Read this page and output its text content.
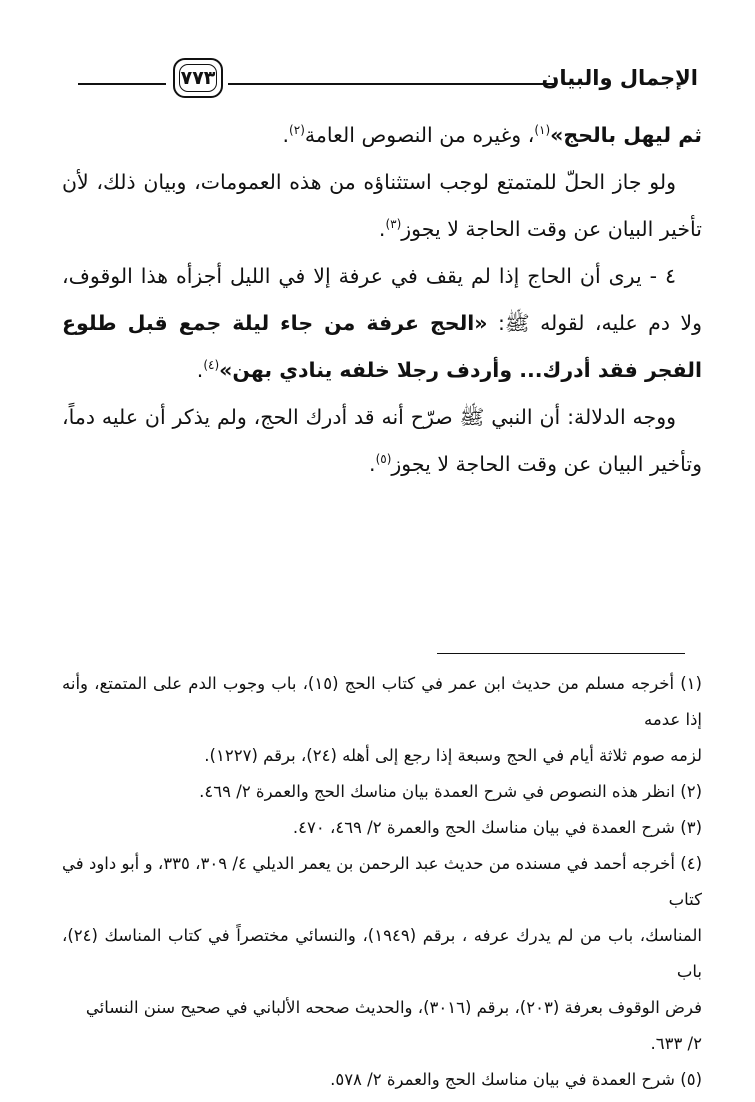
٧٧٣	الإجمال والبيان

ثم ليهل بالحج»$^{(١)}$، وغيره من النصوص العامة$^{(٢)}$.

ولو جاز الحلّ للمتمتع لوجب استثناؤه من هذه العمومات، وبيان ذلك، لأن تأخير البيان عن وقت الحاجة لا يجوز$^{(٣)}$.

٤ - يرى أن الحاج إذا لم يقف في عرفة إلا في الليل أجزأه هذا الوقوف، ولا دم عليه، لقوله ﷺ: «الحج عرفة من جاء ليلة جمع قبل طلوع الفجر فقد أدرك... وأردف رجلا خلفه ينادي بهن»$^{(٤)}$.

ووجه الدلالة: أن النبي ﷺ صرّح أنه قد أدرك الحج، ولم يذكر أن عليه دماً، وتأخير البيان عن وقت الحاجة لا يجوز$^{(٥)}$.

(١) أخرجه مسلم من حديث ابن عمر في كتاب الحج (١٥)، باب وجوب الدم على المتمتع، وأنه إذا عدمه

لزمه صوم ثلاثة أيام في الحج وسبعة إذا رجع إلى أهله (٢٤)، برقم (١٢٢٧).

(٢) انظر هذه النصوص في شرح العمدة بيان مناسك الحج والعمرة ٢/ ٤٦٩.

(٣) شرح العمدة في بيان مناسك الحج والعمرة ٢/ ٤٦٩، ٤٧٠.

(٤) أخرجه أحمد في مسنده من حديث عبد الرحمن بن يعمر الديلي ٤/ ٣٠٩، ٣٣٥، و أبو داود في كتاب

المناسك، باب من لم يدرك عرفه ، برقم (١٩٤٩)، والنسائي مختصراً في كتاب المناسك (٢٤)، باب

فرض الوقوف بعرفة (٢٠٣)، برقم (٣٠١٦)، والحديث صححه الألباني في صحيح سنن النسائي

٢/ ٦٣٣.

(٥) شرح العمدة في بيان مناسك الحج والعمرة ٢/ ٥٧٨.
